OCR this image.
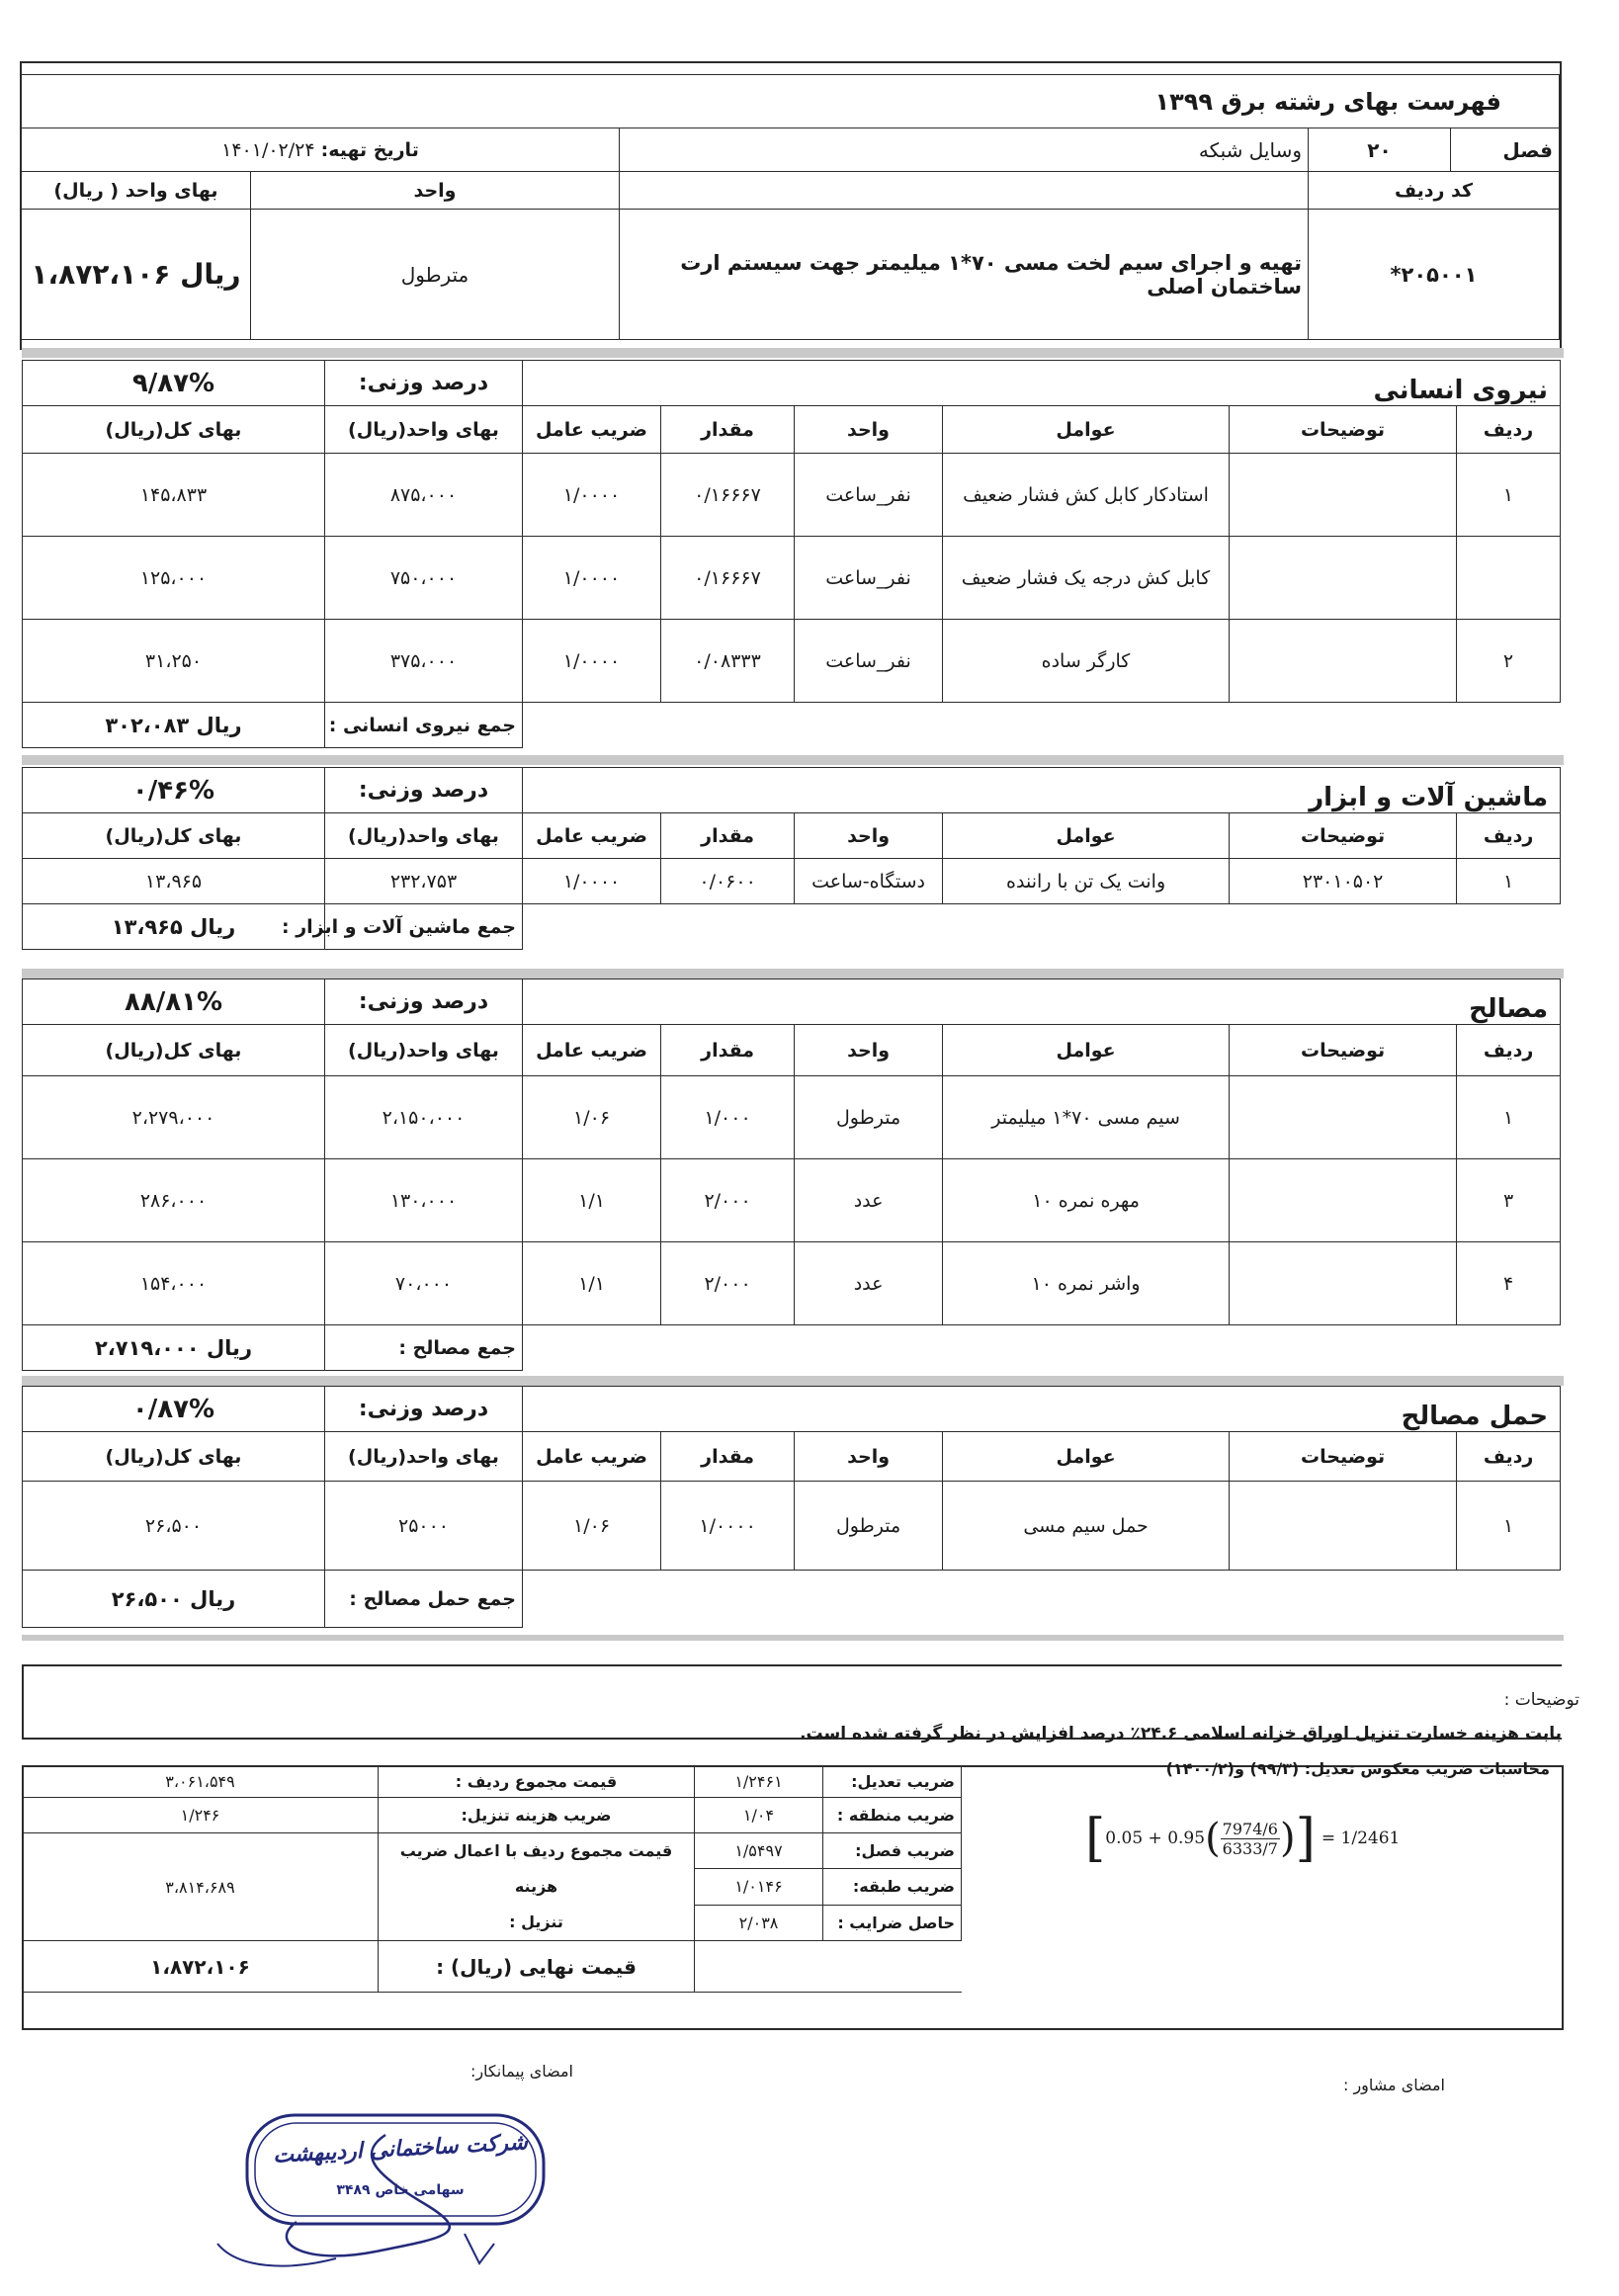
فهرست بهای رشته برق ۱۳۹۹				
فصل	۲۰	وسایل شبکه	تاریخ تهیه: ۱۴۰۱/۰۲/۲۴	
کد ردیف			واحد	بهای واحد ( ریال)
۲۰۵۰۰۱*		تهیه و اجرای سیم لخت مسی ۷۰*۱ میلیمتر جهت سیستم ارت ساختمان اصلی	مترطول	ریال ۱،۸۷۲،۱۰۶
نیروی انسانی						درصد وزنی:	۹/۸۷%
ردیف	توضیحات	عوامل	واحد	مقدار	ضریب عامل	بهای واحد(ریال)	بهای کل(ریال)
۱		استادکار کابل کش فشار ضعیف	نفر_ساعت	۰/۱۶۶۶۷	۱/۰۰۰۰	۸۷۵،۰۰۰	۱۴۵،۸۳۳
		کابل کش درجه یک فشار ضعیف	نفر_ساعت	۰/۱۶۶۶۷	۱/۰۰۰۰	۷۵۰،۰۰۰	۱۲۵،۰۰۰
۲		کارگر ساده	نفر_ساعت	۰/۰۸۳۳۳	۱/۰۰۰۰	۳۷۵،۰۰۰	۳۱،۲۵۰
						جمع نیروی انسانی :	ریال ۳۰۲،۰۸۳
ماشین آلات و ابزار						درصد وزنی:	۰/۴۶%
ردیف	توضیحات	عوامل	واحد	مقدار	ضریب عامل	بهای واحد(ریال)	بهای کل(ریال)
۱	۲۳۰۱۰۵۰۲	وانت یک تن با راننده	دستگاه-ساعت	۰/۰۶۰۰	۱/۰۰۰۰	۲۳۲،۷۵۳	۱۳،۹۶۵
						جمع ماشین آلات و ابزار :	ریال ۱۳،۹۶۵
مصالح						درصد وزنی:	۸۸/۸۱%
ردیف	توضیحات	عوامل	واحد	مقدار	ضریب عامل	بهای واحد(ریال)	بهای کل(ریال)
۱		سیم مسی ۷۰*۱ میلیمتر	مترطول	۱/۰۰۰	۱/۰۶	۲،۱۵۰،۰۰۰	۲،۲۷۹،۰۰۰
۳		مهره نمره ۱۰	عدد	۲/۰۰۰	۱/۱	۱۳۰،۰۰۰	۲۸۶،۰۰۰
۴		واشر نمره ۱۰	عدد	۲/۰۰۰	۱/۱	۷۰،۰۰۰	۱۵۴،۰۰۰
						جمع مصالح :	ریال ۲،۷۱۹،۰۰۰
حمل مصالح						درصد وزنی:	۰/۸۷%
ردیف	توضیحات	عوامل	واحد	مقدار	ضریب عامل	بهای واحد(ریال)	بهای کل(ریال)
۱		حمل سیم مسی	مترطول	۱/۰۰۰۰	۱/۰۶	۲۵۰۰۰	۲۶،۵۰۰
						جمع حمل مصالح :	ریال ۲۶،۵۰۰
توضیحات :
بابت هزینه خسارت تنزیل اوراق خزانه اسلامی ۲۴.۶٪ درصد افزایش در نظر گرفته شده است.
ضریب تعدیل:	۱/۲۴۶۱	قیمت مجموع ردیف :	۳،۰۶۱،۵۴۹
ضریب منطقه :	۱/۰۴	ضریب هزینه تنزیل:	۱/۲۴۶
ضریب فصل:	۱/۵۴۹۷	قیمت مجموع ردیف با اعمال ضریب هزینه
تنزیل :	۳،۸۱۴،۶۸۹
ضریب طبقه:	۱/۰۱۴۶		
حاصل ضرایب :	۲/۰۳۸		
		قیمت نهایی (ریال) :	۱،۸۷۲،۱۰۶
محاسبات ضریب معکوس تعدیل: (۹۹/۳) و(۱۴۰۰/۲)
[ 0.05 + 0.95 ( $\frac{7974/6}{6333/7}$ ) ] = 1/2461
امضای پیمانکار:
امضای مشاور :
شرکت ساختمانی اردیبهشت
سهامی خاص ۳۴۸۹
